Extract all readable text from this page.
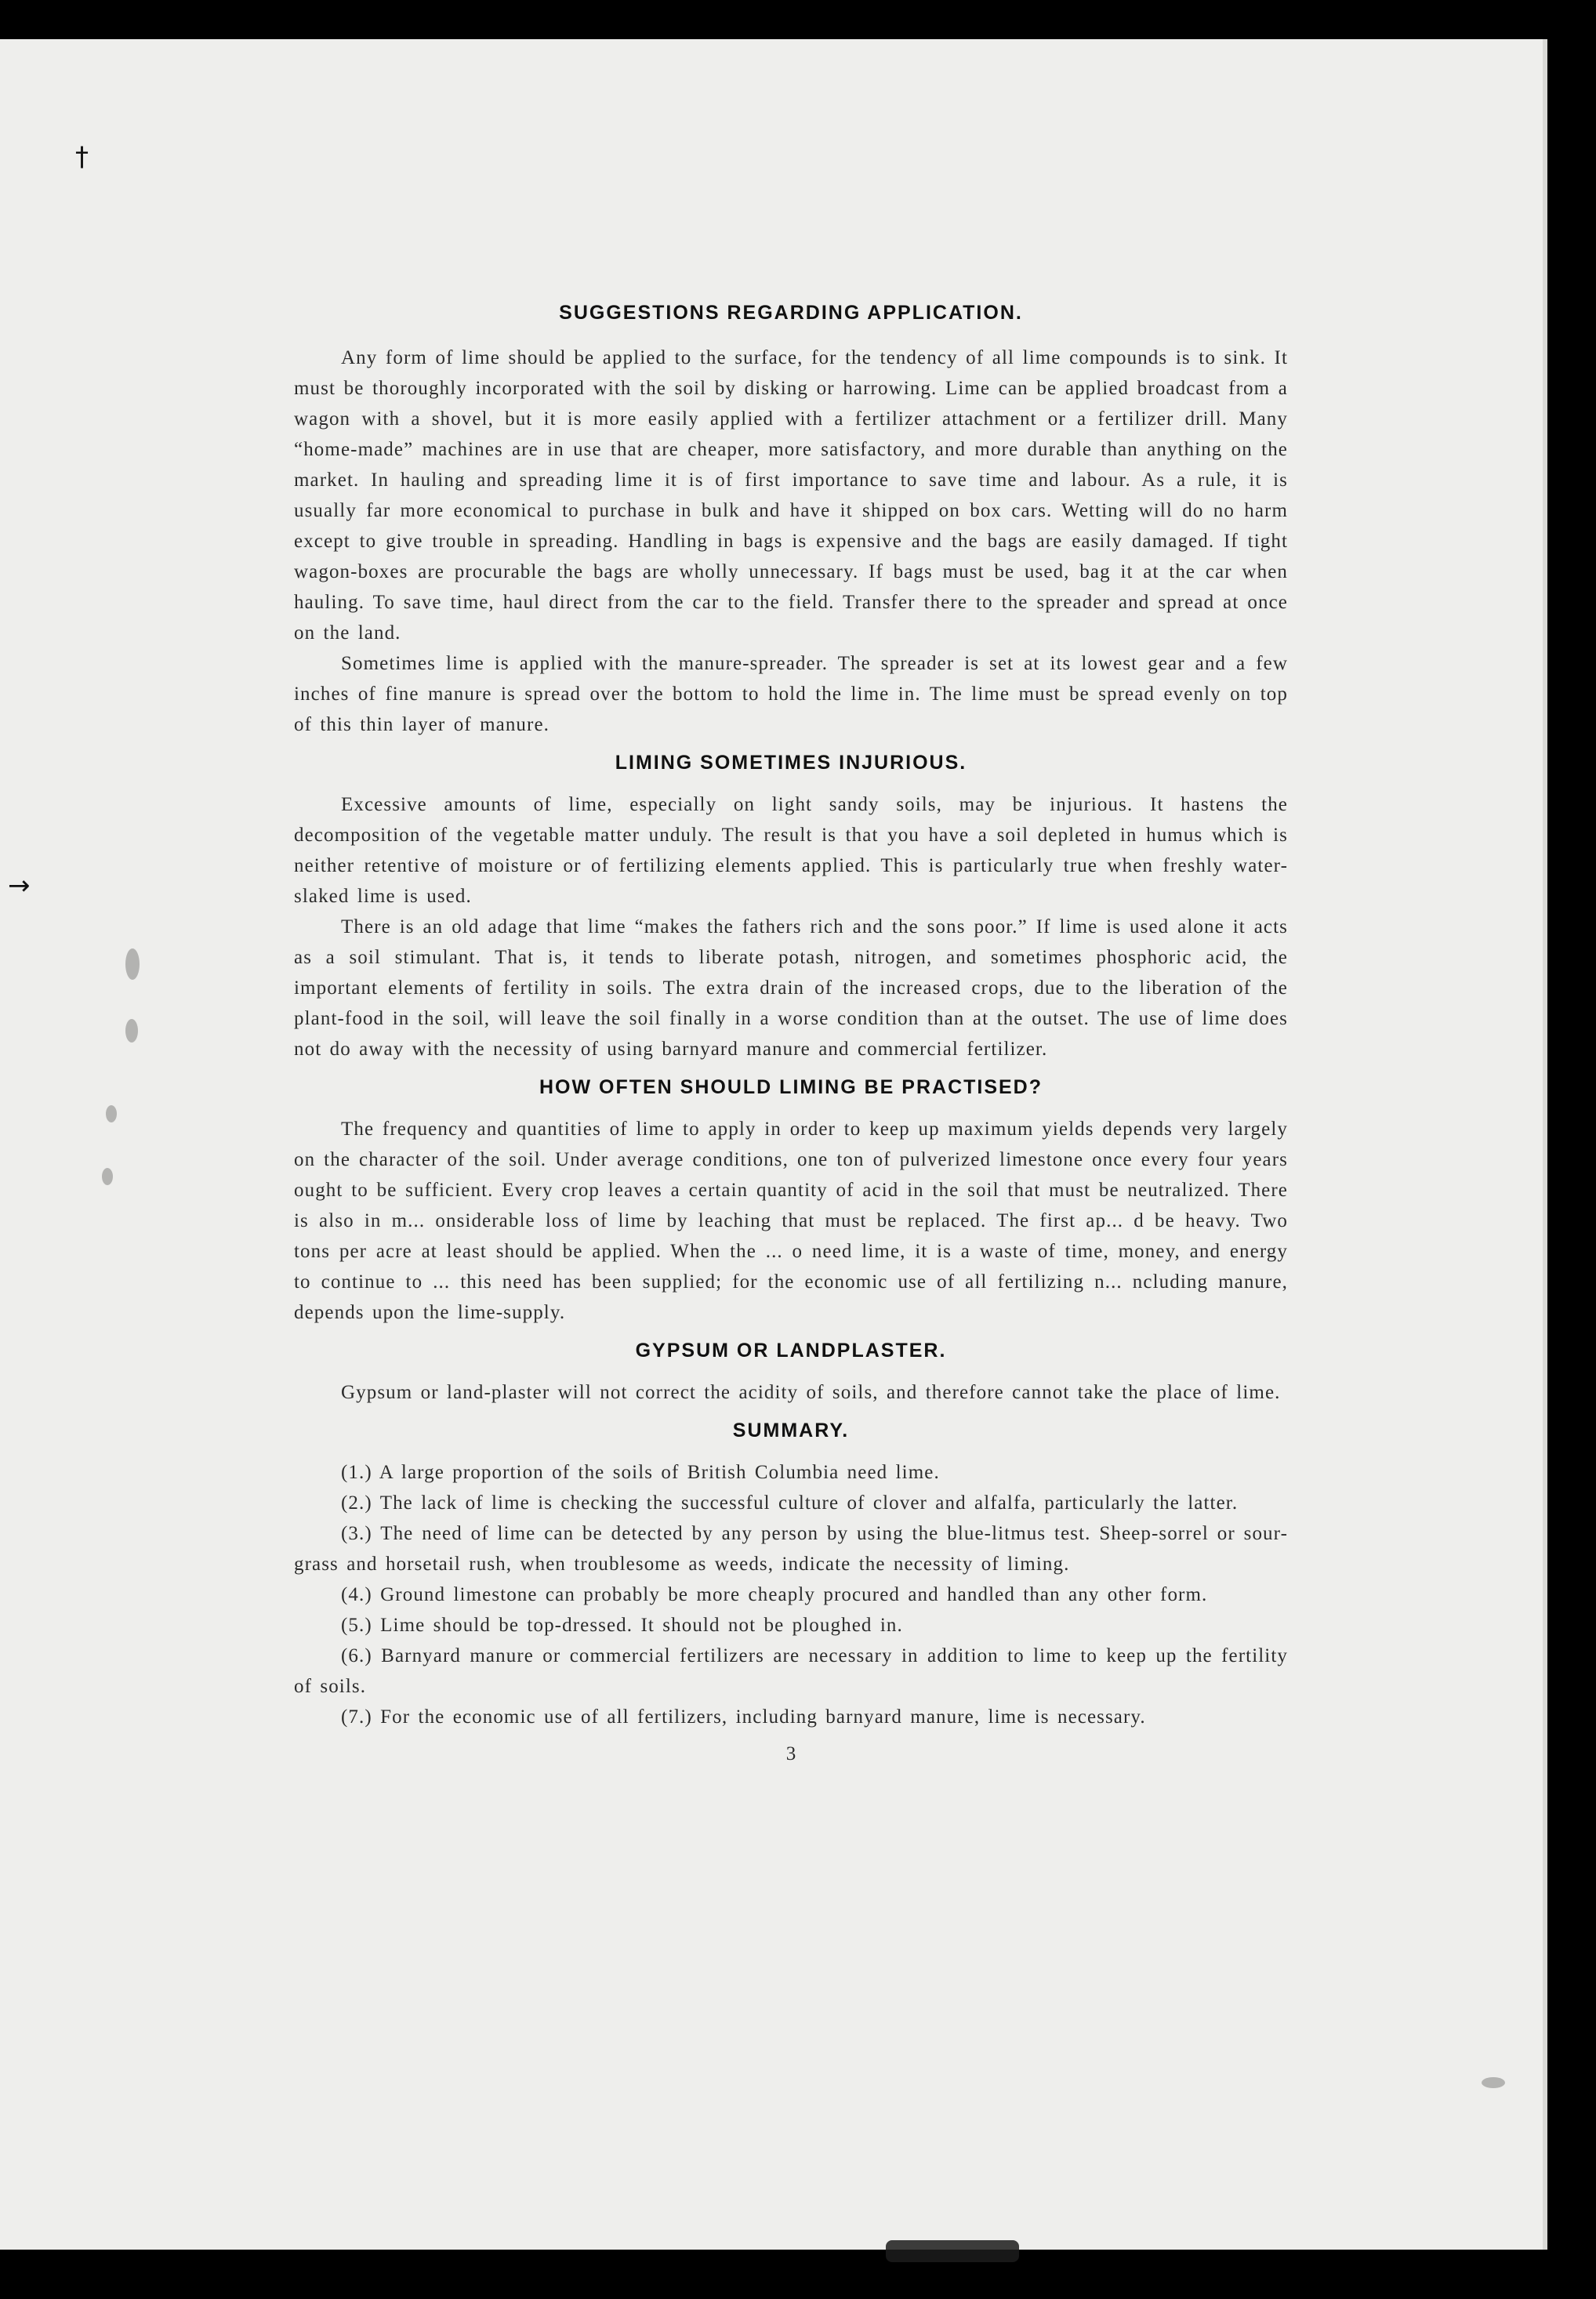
†
→
SUGGESTIONS REGARDING APPLICATION.

Any form of lime should be applied to the surface, for the tendency of all lime compounds is to sink. It must be thoroughly incorporated with the soil by disking or harrowing. Lime can be applied broadcast from a wagon with a shovel, but it is more easily applied with a fertilizer attachment or a fertilizer drill. Many “home-made” machines are in use that are cheaper, more satisfactory, and more durable than anything on the market. In hauling and spreading lime it is of first importance to save time and labour. As a rule, it is usually far more economical to purchase in bulk and have it shipped on box cars. Wetting will do no harm except to give trouble in spreading. Handling in bags is expensive and the bags are easily damaged. If tight wagon-boxes are procurable the bags are wholly unnecessary. If bags must be used, bag it at the car when hauling. To save time, haul direct from the car to the field. Transfer there to the spreader and spread at once on the land.

Sometimes lime is applied with the manure-spreader. The spreader is set at its lowest gear and a few inches of fine manure is spread over the bottom to hold the lime in. The lime must be spread evenly on top of this thin layer of manure.

LIMING SOMETIMES INJURIOUS.

Excessive amounts of lime, especially on light sandy soils, may be injurious. It hastens the decomposition of the vegetable matter unduly. The result is that you have a soil depleted in humus which is neither retentive of moisture or of fertilizing elements applied. This is particularly true when freshly water-slaked lime is used.

There is an old adage that lime “makes the fathers rich and the sons poor.” If lime is used alone it acts as a soil stimulant. That is, it tends to liberate potash, nitrogen, and sometimes phosphoric acid, the important elements of fertility in soils. The extra drain of the increased crops, due to the liberation of the plant-food in the soil, will leave the soil finally in a worse condition than at the outset. The use of lime does not do away with the necessity of using barnyard manure and commercial fertilizer.

HOW OFTEN SHOULD LIMING BE PRACTISED?

The frequency and quantities of lime to apply in order to keep up maximum yields depends very largely on the character of the soil. Under average conditions, one ton of pulverized limestone once every four years ought to be sufficient. Every crop leaves a certain quantity of acid in the soil that must be neutralized. There is also in m... onsiderable loss of lime by leaching that must be replaced. The first ap... d be heavy. Two tons per acre at least should be applied. When the ... o need lime, it is a waste of time, money, and energy to continue to ... this need has been supplied; for the economic use of all fertilizing n... ncluding manure, depends upon the lime-supply.

GYPSUM OR LANDPLASTER.

Gypsum or land-plaster will not correct the acidity of soils, and therefore cannot take the place of lime.

SUMMARY.

(1.) A large proportion of the soils of British Columbia need lime.

(2.) The lack of lime is checking the successful culture of clover and alfalfa, particularly the latter.

(3.) The need of lime can be detected by any person by using the blue-litmus test. Sheep-sorrel or sour-grass and horsetail rush, when troublesome as weeds, indicate the necessity of liming.

(4.) Ground limestone can probably be more cheaply procured and handled than any other form.

(5.) Lime should be top-dressed. It should not be ploughed in.

(6.) Barnyard manure or commercial fertilizers are necessary in addition to lime to keep up the fertility of soils.

(7.) For the economic use of all fertilizers, including barnyard manure, lime is necessary.

3
